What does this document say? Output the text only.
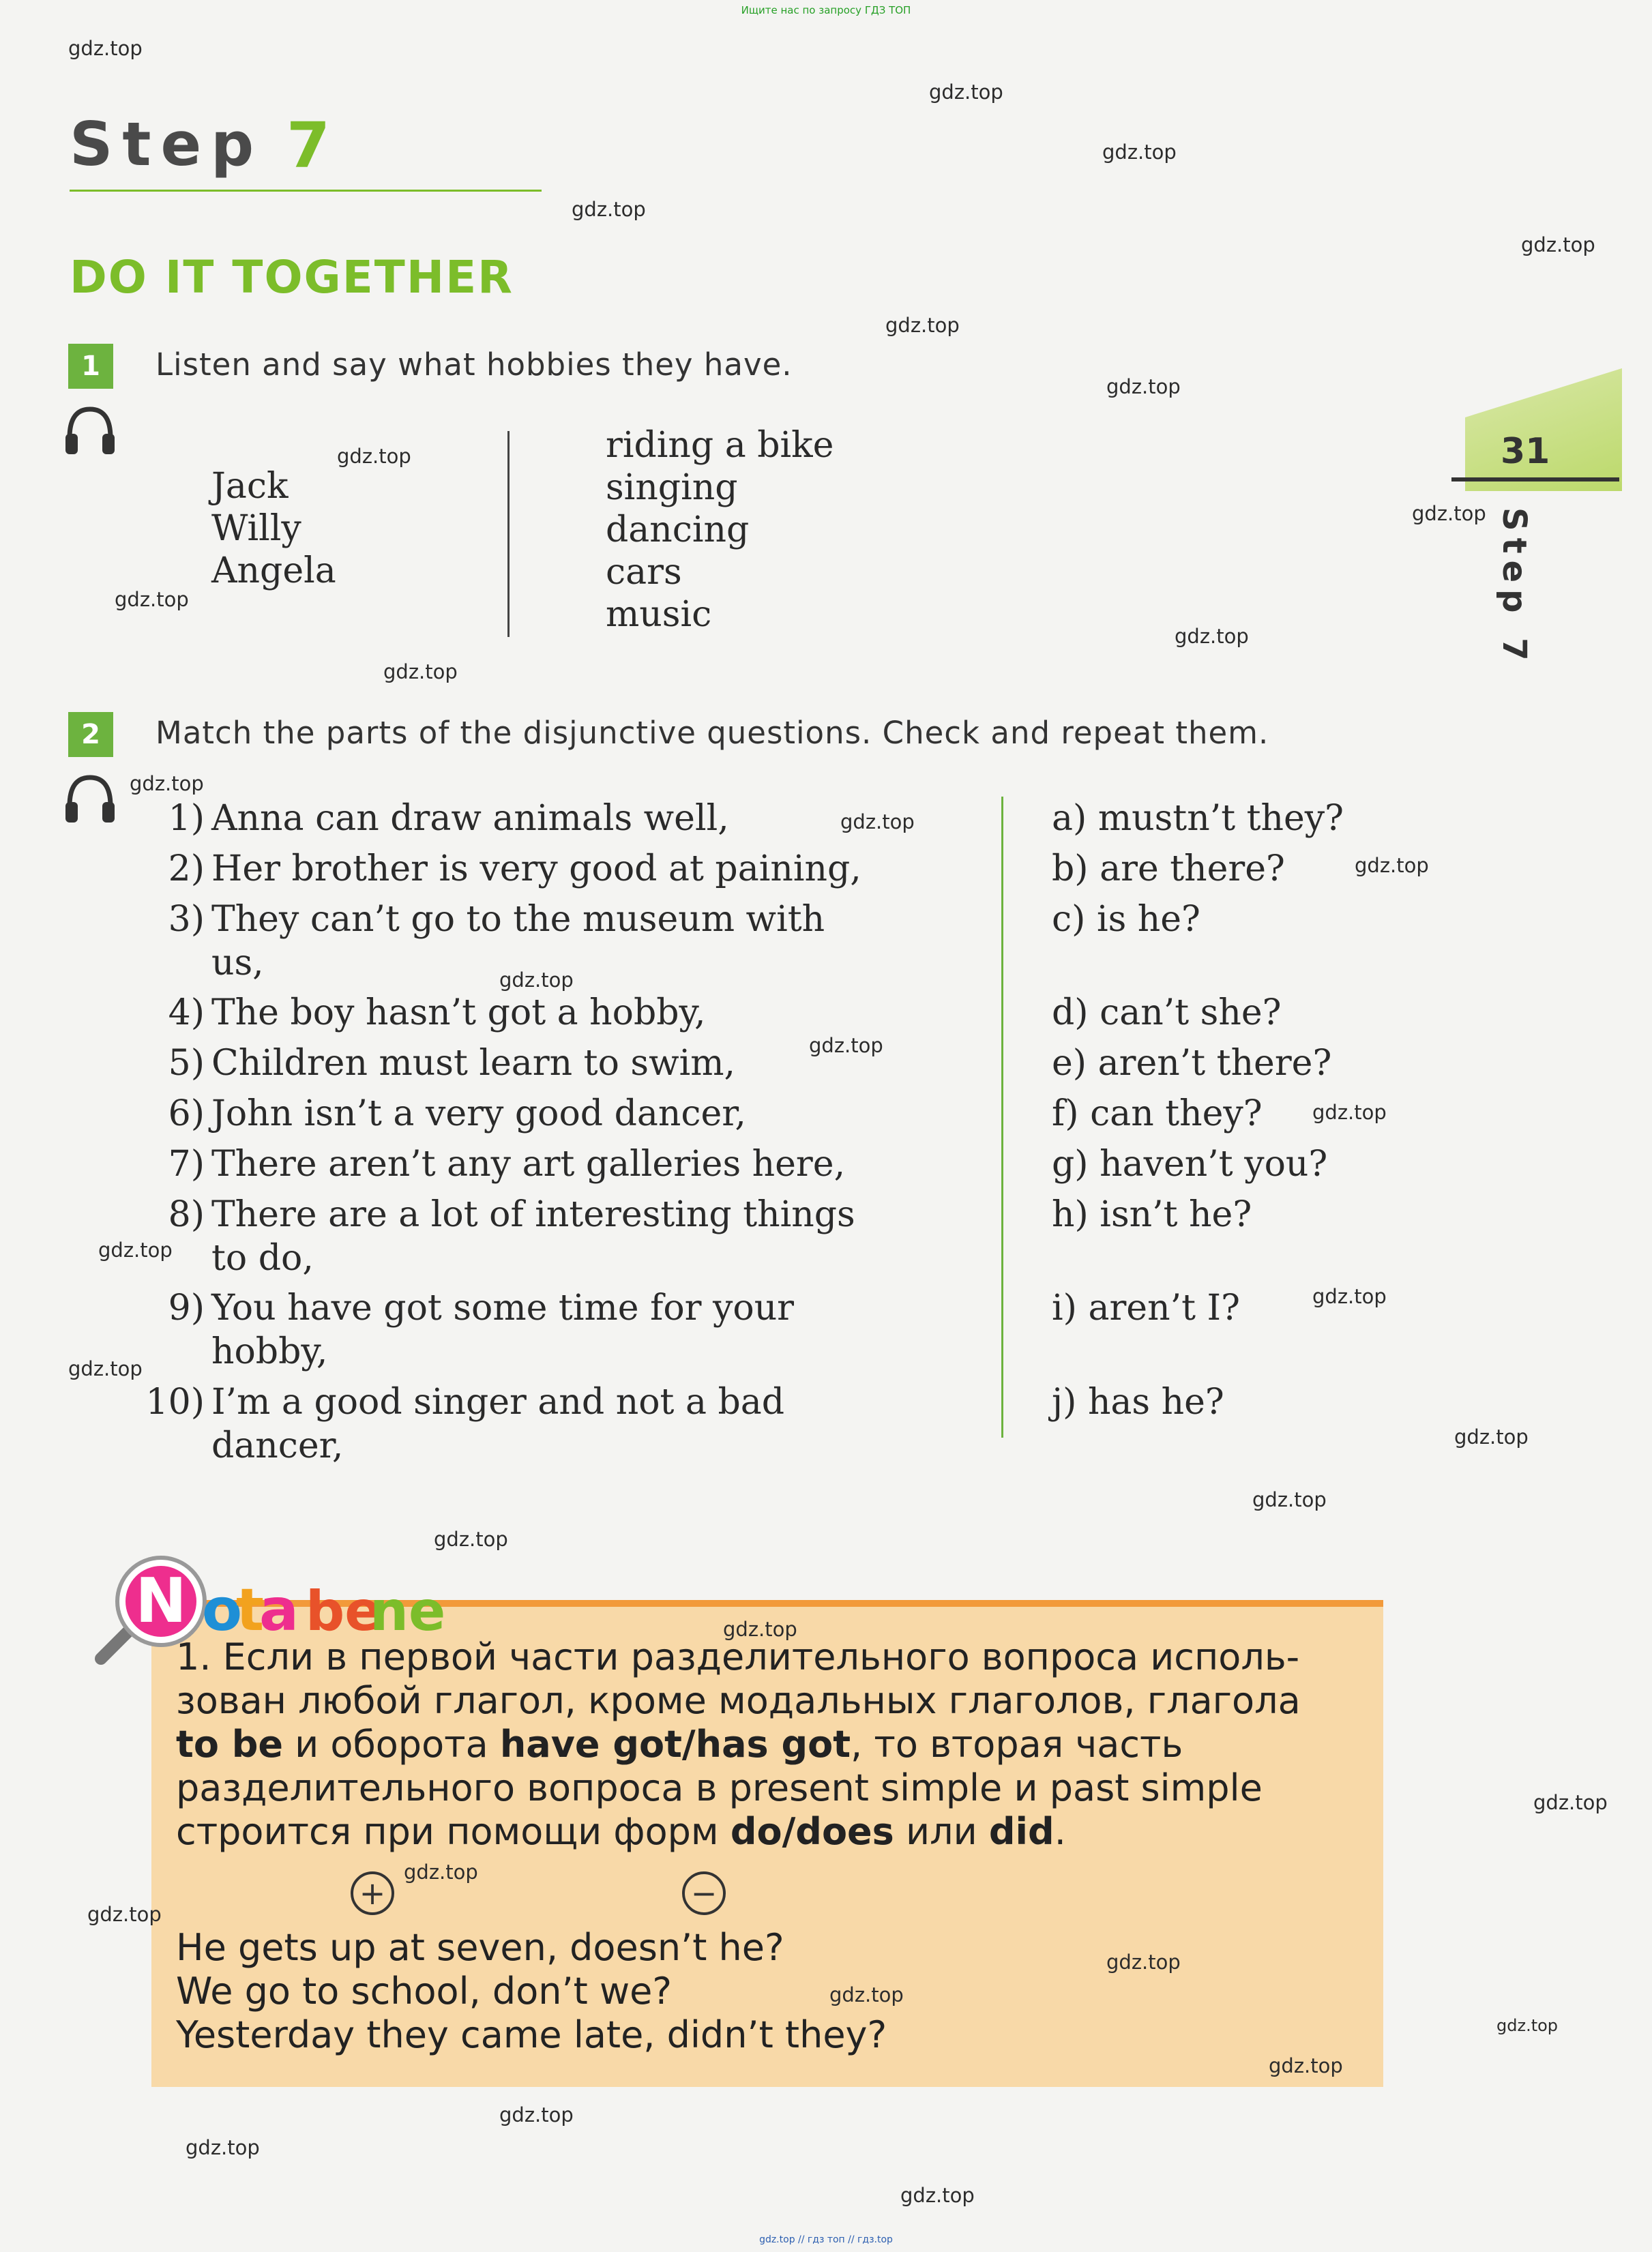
Ищите нас по запросу ГДЗ ТОП
Step 7
DO IT TOGETHER
31
Step 7
1	Listen and say what hobbies they have.
Jack
Willy
Angela
riding a bike
singing
dancing
cars
music
2	Match the parts of the disjunctive questions. Check and repeat them.
1) Anna can draw animals well,
2) Her brother is very good at paining,
3) They can’t go to the museum with
us,
4) The boy hasn’t got a hobby,
5) Children must learn to swim,
6) John isn’t a very good dancer,
7) There aren’t any art galleries here,
8) There are a lot of interesting things
to do,
9) You have got some time for your
hobby,
10) I’m a good singer and not a bad
dancer,
a) mustn’t they?
b) are there?
c) is he?
d) can’t she?
e) aren’t there?
f) can they?
g) haven’t you?
h) isn’t he?
i) aren’t I?
j) has he?
N o
t
a be
ne
1. Если в первой части разделительного вопроса исполь-
зован любой глагол, кроме модальных глаголов, глагола
to be и оборота have got/has got, то вторая часть
разделительного вопроса в present simple и past simple
строится при помощи форм do/does или did.
+	−
He gets up at seven, doesn’t he?
We go to school, don’t we?
Yesterday they came late, didn’t they?
gdz.top
gdz.top
gdz.top
gdz.top
gdz.top
gdz.top
gdz.top
gdz.top
gdz.top
gdz.top
gdz.top
gdz.top
gdz.top
gdz.top
gdz.top
gdz.top
gdz.top
gdz.top
gdz.top
gdz.top
gdz.top
gdz.top
gdz.top
gdz.top
gdz.top
gdz.top
gdz.top
gdz.top
gdz.top
gdz.top
gdz.top
gdz.top
gdz.top
gdz.top
gdz.top
gdz.top // гдз топ // гдз.top
